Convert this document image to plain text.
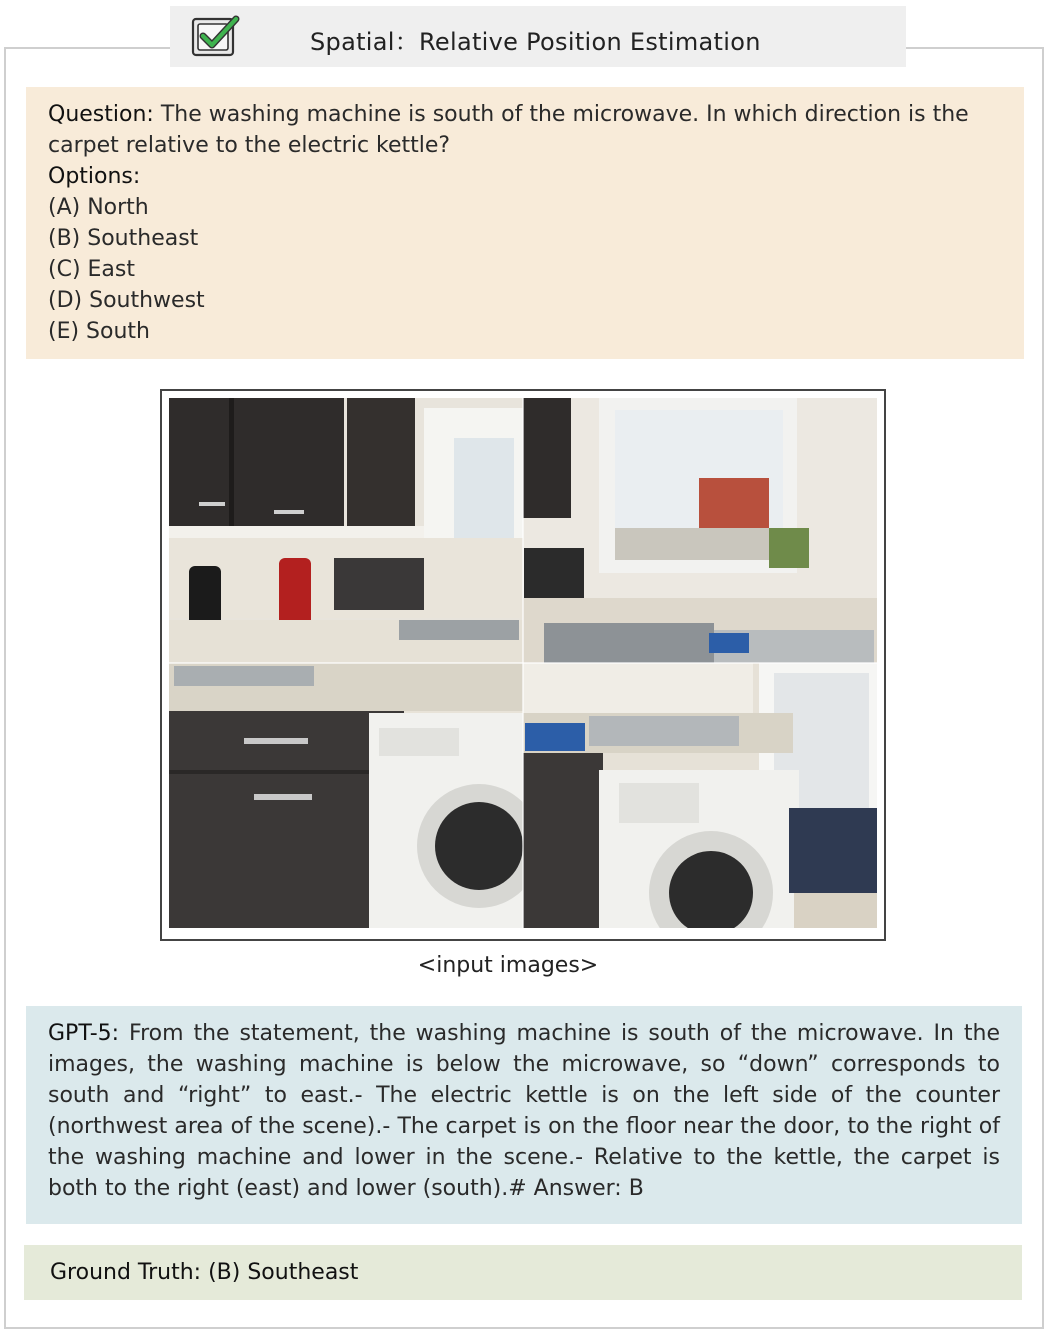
Spatial：Relative Position Estimation
Question: The washing machine is south of the microwave. In which direction is the carpet relative to the electric kettle?
Options:
(A) North
(B) Southeast
(C) East
(D) Southwest
(E) South
<input images>
GPT-5: From the statement, the washing machine is south of the microwave. In the images, the washing machine is below the microwave, so “down” corresponds to south and “right” to east.- The electric kettle is on the left side of the counter (northwest area of the scene).- The carpet is on the floor near the door, to the right of the washing machine and lower in the scene.- Relative to the kettle, the carpet is both to the right (east) and lower (south).# Answer: B
Ground Truth: (B) Southeast
